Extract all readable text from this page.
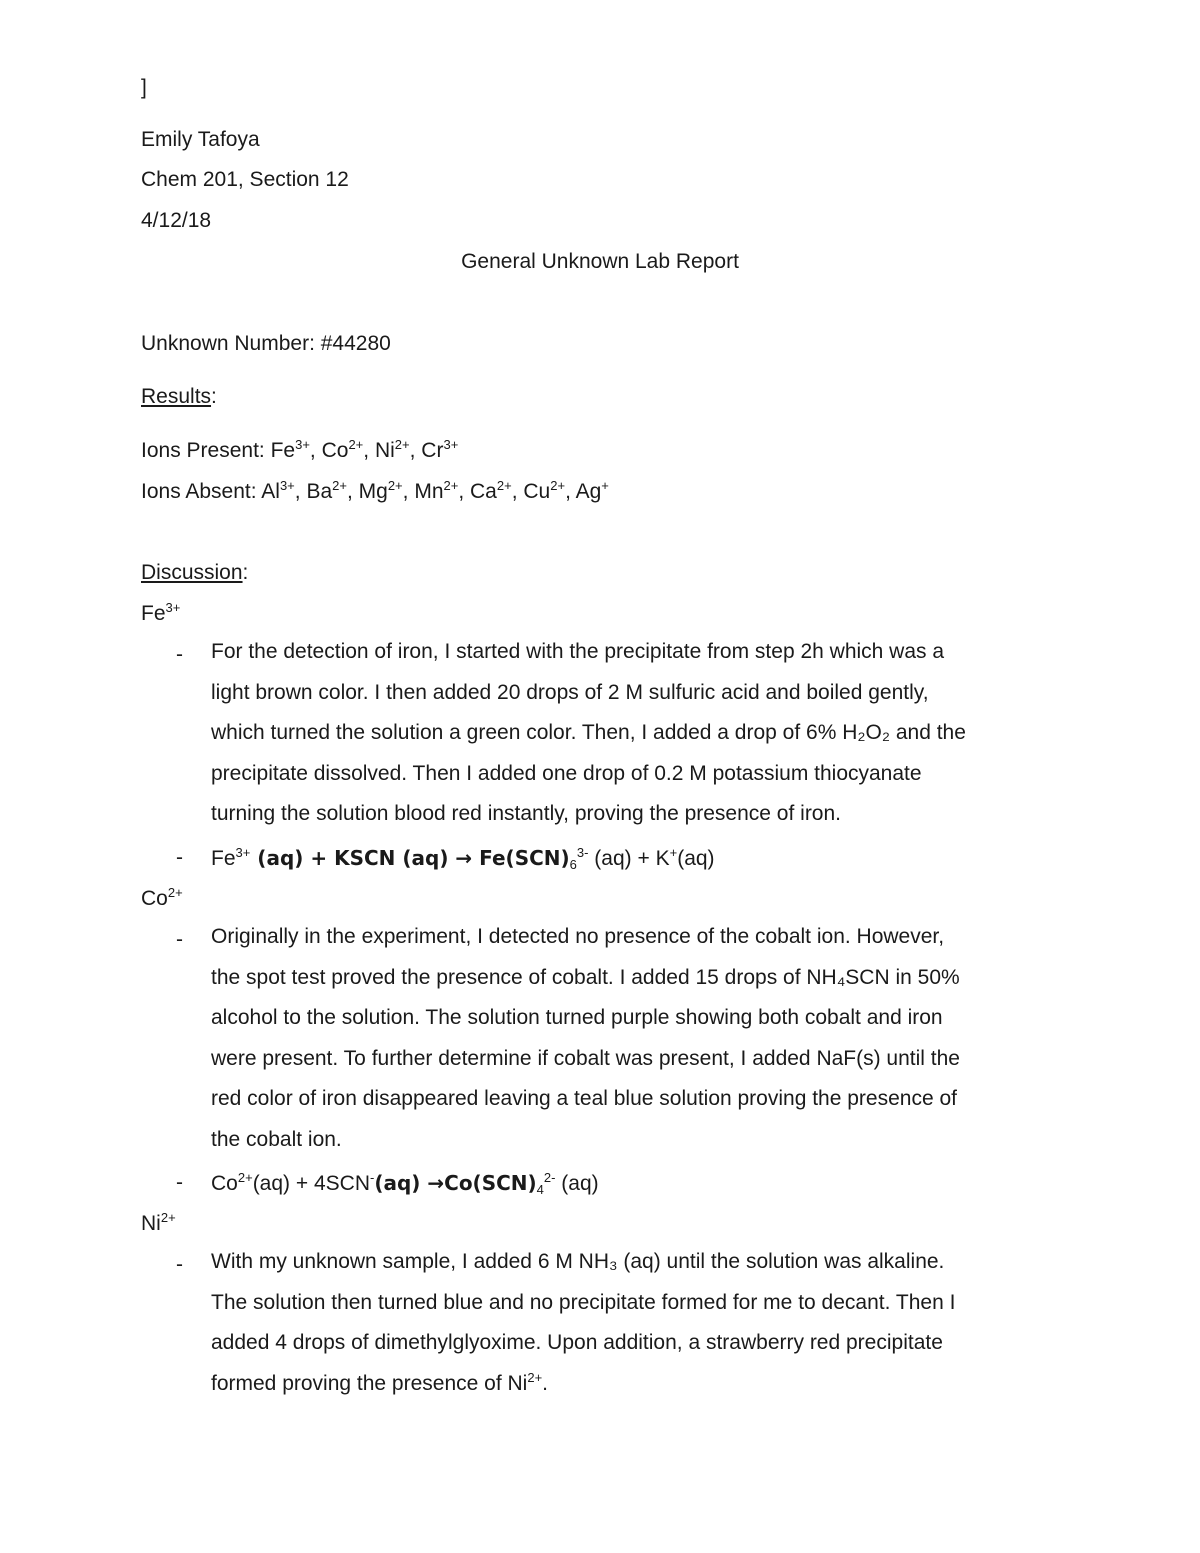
]
Emily Tafoya
Chem 201, Section 12
4/12/18
General Unknown Lab Report
Unknown Number: #44280
Results:
Ions Present: $Fe^{3+}$, $Co^{2+}$, $Ni^{2+}$, $Cr^{3+}$
Ions Absent: $Al^{3+}$, $Ba^{2+}$, $Mg^{2+}$, $Mn^{2+}$, $Ca^{2+}$, $Cu^{2+}$, Ag+
Discussion:
$Fe^{3+}$
- For the detection of iron, I started with the precipitate from step 2h which was a
light brown color. I then added 20 drops of 2 M sulfuric acid and boiled gently,
which turned the solution a green color. Then, I added a drop of 6% H₂O₂ and the
precipitate dissolved. Then I added one drop of 0.2 M potassium thiocyanate
turning the solution blood red instantly, proving the presence of iron.
- $Fe^{3+}$ (aq) + KSCN $(aq) \to Fe(SCN)_6^{3-}$ (aq) + K+(aq)
$Co^{2+}$
- Originally in the experiment, I detected no presence of the cobalt ion. However,
the spot test proved the presence of cobalt. I added 15 drops of NH₄SCN in 50%
alcohol to the solution. The solution turned purple showing both cobalt and iron
were present. To further determine if cobalt was present, I added NaF(s) until the
red color of iron disappeared leaving a teal blue solution proving the presence of
the cobalt ion.
- $Co^{2+}(aq) + 4SCN^-(aq) \to Co(SCN)_4^{2-}$ (aq)
$Ni^{2+}$
- With my unknown sample, I added 6 M NH₃ (aq) until the solution was alkaline.
The solution then turned blue and no precipitate formed for me to decant. Then I
added 4 drops of dimethylglyoxime. Upon addition, a strawberry red precipitate
formed proving the presence of $Ni^{2+}$.
